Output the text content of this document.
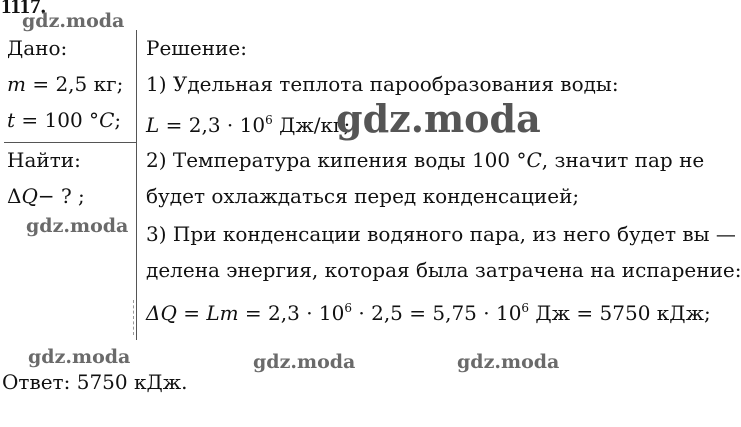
1117.
Дано:
m = 2,5 кг;
t = 100 °C;
Найти:
ΔQ− ? ;
Решение:
1) Удельная теплота парообразования воды:
$L = 2,3 \cdot 10^6$ Дж/кг;
2) Температура кипения воды 100 °C, значит пар не
будет охлаждаться перед конденсацией;
3) При конденсации водяного пара, из него будет вы —
делена энергия, которая была затрачена на испарение:
$\Delta Q = Lm = 2,3 \cdot 10^6 \cdot 2,5 = 5,75 \cdot 10^6$ Дж = 5750 кДж;
Ответ: 5750 кДж.
gdz.moda
gdz.moda
gdz.moda
gdz.moda	gdz.moda	gdz.moda
